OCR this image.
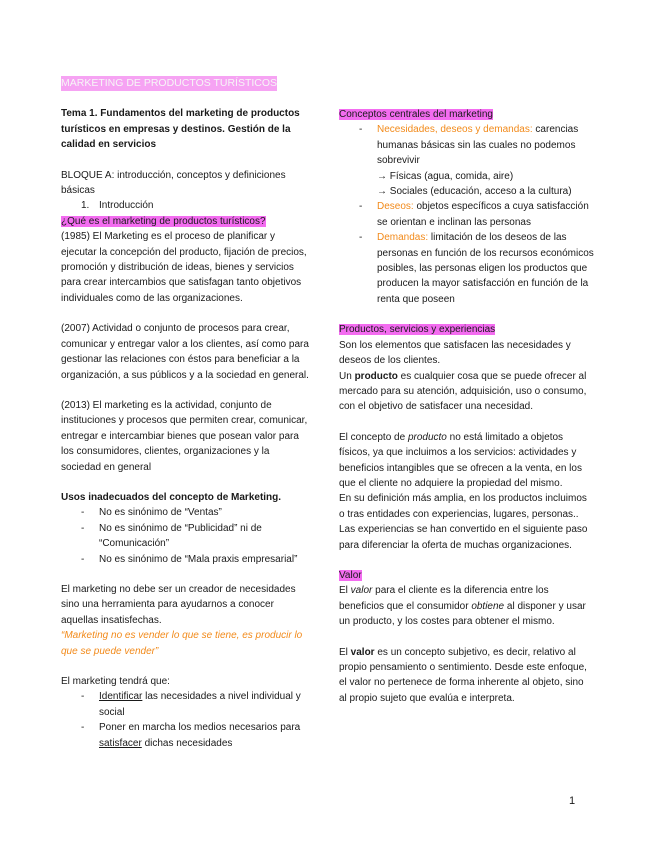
MARKETING DE PRODUCTOS TURÍSTICOS

Tema 1. Fundamentos del marketing de productos turísticos en empresas y destinos. Gestión de la calidad en servicios

BLOQUE A: introducción, conceptos y definiciones básicas

1. Introducción

¿Qué es el marketing de productos turísticos?

(1985) El Marketing es el proceso de planificar y ejecutar la concepción del producto, fijación de precios, promoción y distribución de ideas, bienes y servicios para crear intercambios que satisfagan tanto objetivos individuales como de las organizaciones.

(2007) Actividad o conjunto de procesos para crear, comunicar y entregar valor a los clientes, así como para gestionar las relaciones con éstos para beneficiar a la organización, a sus públicos y a la sociedad en general.

(2013) El marketing es la actividad, conjunto de instituciones y procesos que permiten crear, comunicar, entregar e intercambiar bienes que posean valor para los consumidores, clientes, organizaciones y la sociedad en general

Usos inadecuados del concepto de Marketing.

- No es sinónimo de “Ventas”
- No es sinónimo de “Publicidad” ni de “Comunicación”
- No es sinónimo de “Mala praxis empresarial”

El marketing no debe ser un creador de necesidades sino una herramienta para ayudarnos a conocer aquellas insatisfechas.

“Marketing no es vender lo que se tiene, es producir lo que se puede vender”

El marketing tendrá que:

- Identificar las necesidades a nivel individual y social
- Poner en marcha los medios necesarios para satisfacer dichas necesidades

Conceptos centrales del marketing

- Necesidades, deseos y demandas: carencias humanas básicas sin las cuales no podemos sobrevivir
→ Físicas (agua, comida, aire)
→ Sociales (educación, acceso a la cultura)
- Deseos: objetos específicos a cuya satisfacción se orientan e inclinan las personas
- Demandas: limitación de los deseos de las personas en función de los recursos económicos posibles, las personas eligen los productos que producen la mayor satisfacción en función de la renta que poseen

Productos, servicios y experiencias

Son los elementos que satisfacen las necesidades y deseos de los clientes.

Un producto es cualquier cosa que se puede ofrecer al mercado para su atención, adquisición, uso o consumo, con el objetivo de satisfacer una necesidad.

El concepto de producto no está limitado a objetos físicos, ya que incluimos a los servicios: actividades y beneficios intangibles que se ofrecen a la venta, en los que el cliente no adquiere la propiedad del mismo.

En su definición más amplia, en los productos incluimos o tras entidades con experiencias, lugares, personas.. Las experiencias se han convertido en el siguiente paso para diferenciar la oferta de muchas organizaciones.

Valor

El valor para el cliente es la diferencia entre los beneficios que el consumidor obtiene al disponer y usar un producto, y los costes para obtener el mismo.

El valor es un concepto subjetivo, es decir, relativo al propio pensamiento o sentimiento. Desde este enfoque, el valor no pertenece de forma inherente al objeto, sino al propio sujeto que evalúa e interpreta.

1
